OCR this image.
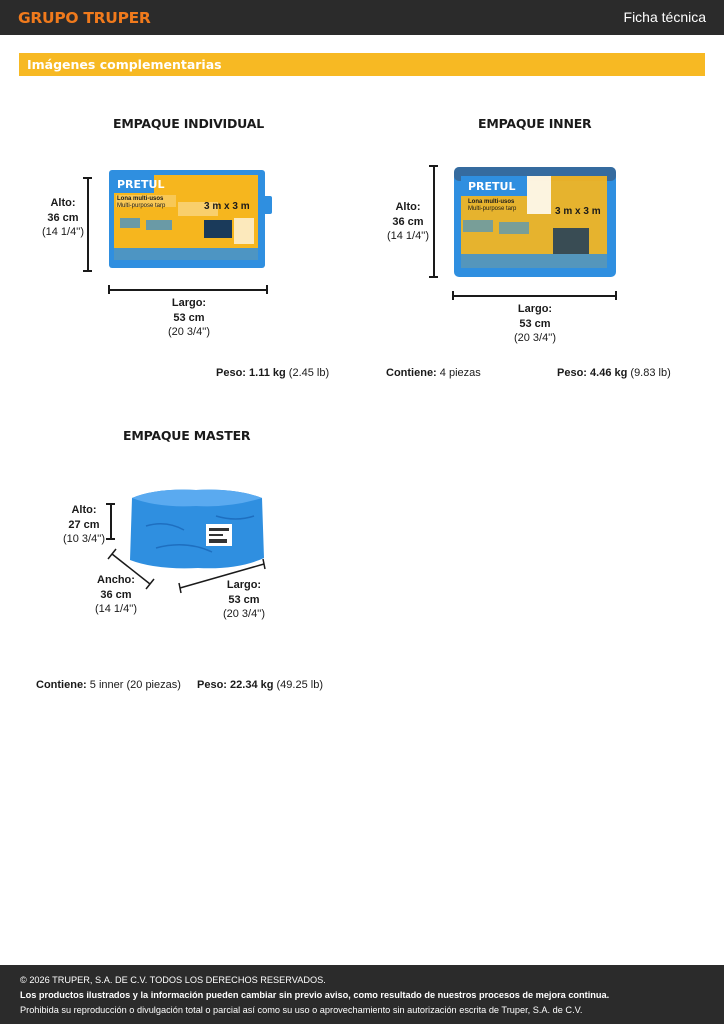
GRUPO TRUPER	Ficha técnica
Imágenes complementarias
EMPAQUE INDIVIDUAL
PRETUL
Lona multi-usos
Multi-purpose tarp	3 m x 3 m
Alto:
36 cm
(14 1/4'')
Largo:
53 cm
(20 3/4'')
Peso: 1.11 kg (2.45 lb)
EMPAQUE INNER
PRETUL
Lona multi-usos
Multi-purpose tarp	3 m x 3 m
Alto:
36 cm
(14 1/4'')
Largo:
53 cm
(20 3/4'')
Contiene: 4 piezas	Peso: 4.46 kg (9.83 lb)
EMPAQUE MASTER
Alto:
27 cm
(10 3/4'')
Ancho:
36 cm
(14 1/4'')
Largo:
53 cm
(20 3/4'')
Contiene: 5 inner (20 piezas) Peso: 22.34 kg (49.25 lb)
© 2026 TRUPER, S.A. DE C.V. TODOS LOS DERECHOS RESERVADOS.
Los productos ilustrados y la información pueden cambiar sin previo aviso, como resultado de nuestros procesos de mejora continua.
Prohibida su reproducción o divulgación total o parcial así como su uso o aprovechamiento sin autorización escrita de Truper, S.A. de C.V.
